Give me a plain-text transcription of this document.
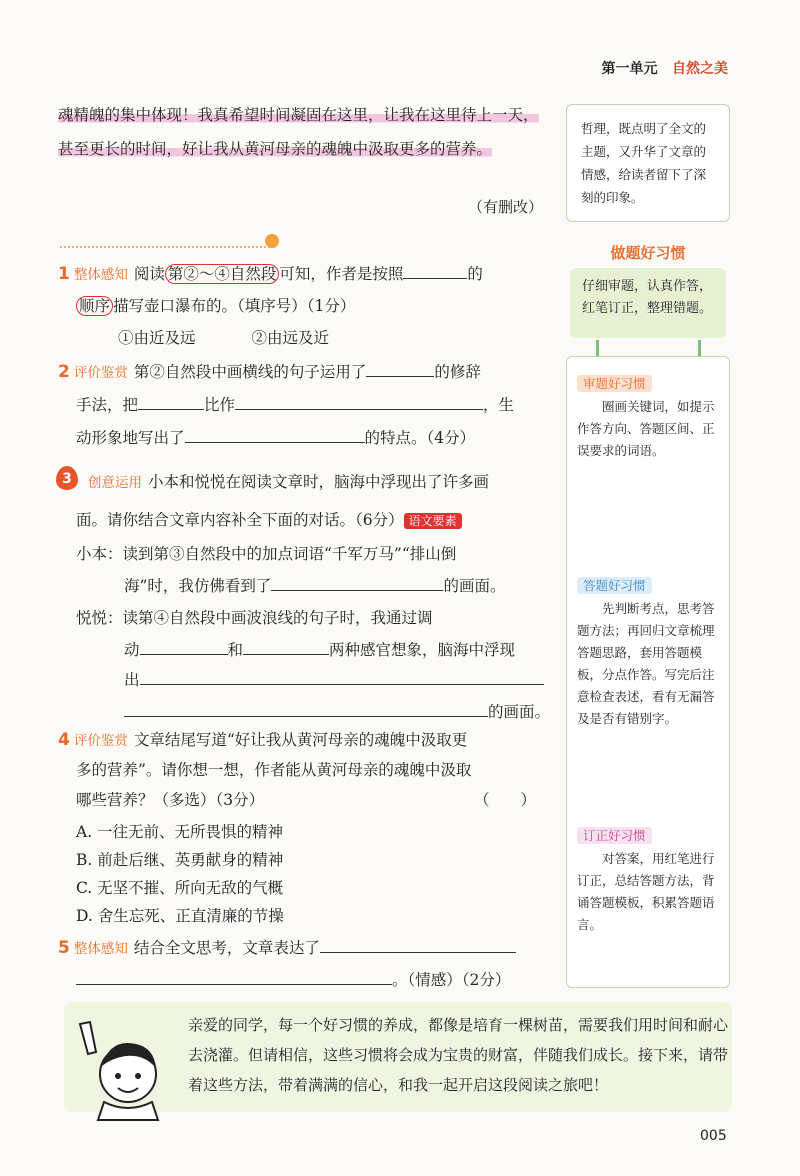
第一单元 自然之美
魂精魄的集中体现！我真希望时间凝固在这里，让我在这里待上一天，甚至更长的时间，好让我从黄河母亲的魂魄中汲取更多的营养。
（有删改）

哲理，既点明了全文的主题，又升华了文章的情感，给读者留下了深刻的印象。

1 整体感知 阅读 第②～④自然段 可知，作者是按照	的
顺序 描写壶口瀑布的。（填序号）（1分）
①由近及远	②由远及近
2 评价鉴赏 第②自然段中画横线的句子运用了	的修辞
手法，把	比作	，生
动形象地写出了	的特点。（4分）
3	创意运用 小本和悦悦在阅读文章时，脑海中浮现出了许多画
面。请你结合文章内容补全下面的对话。（6分） 语文要素
小本：读到第③自然段中的加点词语“千军万马”“排山倒
海”时，我仿佛看到了	的画面。
悦悦：读第④自然段中画波浪线的句子时，我通过调
动	和	两种感官想象，脑海中浮现
出
的画面。
4 评价鉴赏 文章结尾写道“好让我从黄河母亲的魂魄中汲取更
多的营养”。请你想一想，作者能从黄河母亲的魂魄中汲取
哪些营养？（多选）（3分）	（　　）
A. 一往无前、无所畏惧的精神
B. 前赴后继、英勇献身的精神
C. 无坚不摧、所向无敌的气概
D. 舍生忘死、正直清廉的节操
5 整体感知 结合全文思考，文章表达了
。（情感）（2分）
做题好习惯

仔细审题，认真作答，红笔订正，整理错题。

审题好习惯
圈画关键词，如提示作答方向、答题区间、正误要求的词语。
答题好习惯
先判断考点，思考答题方法；再回归文章梳理答题思路，套用答题模板，分点作答。写完后注意检查表述，看有无漏答及是否有错别字。
订正好习惯
对答案，用红笔进行订正，总结答题方法，背诵答题模板，积累答题语言。
亲爱的同学，每一个好习惯的养成，都像是培育一棵树苗，需要我们用时间和耐心去浇灌。但请相信，这些习惯将会成为宝贵的财富，伴随我们成长。接下来，请带着这些方法，带着满满的信心，和我一起开启这段阅读之旅吧！
005
